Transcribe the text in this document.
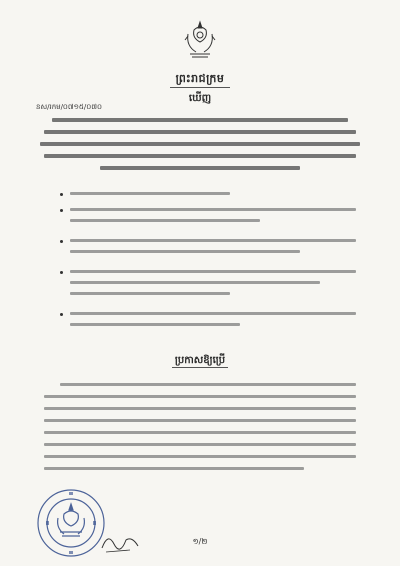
ព្រះរាជក្រម
ឃើញ
នស/រកម/០៧១៥/០៧០
ប្រកាសឱ្យប្រើ
១/២
